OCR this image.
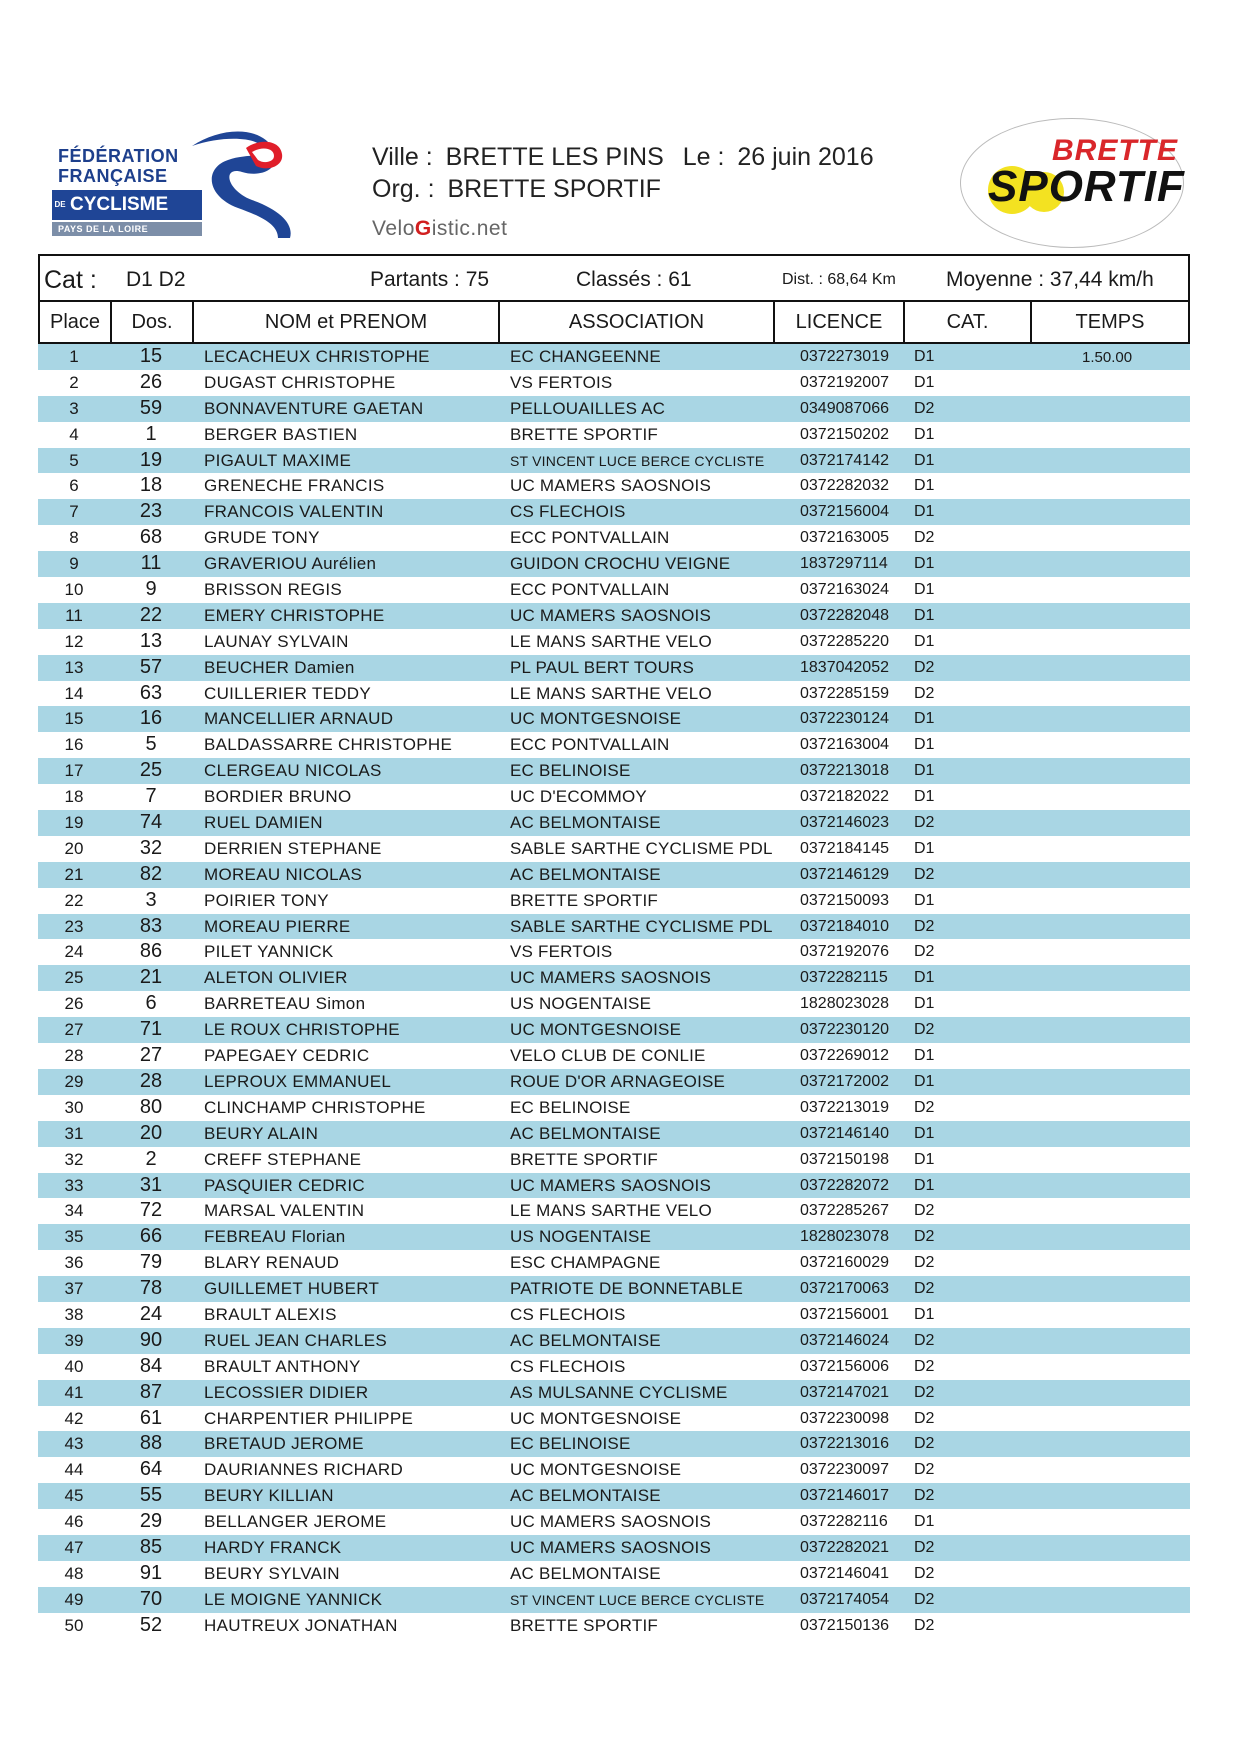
FÉDÉRATION
FRANÇAISE
DE CYCLISME
PAYS DE LA LOIRE
Ville : BRETTE LES PINS Le : 26 juin 2016
Org. : BRETTE SPORTIF
VeloGistic.net
BRETTE
SPORTIF
Cat : D1 D2	Partants : 75	Classés : 61	Dist. : 68,64 Km Moyenne : 37,44 km/h
Place	Dos.	NOM et PRENOM	ASSOCIATION	LICENCE	CAT.	TEMPS
1	15	LECACHEUX CHRISTOPHE	EC CHANGEENNE	0372273019 D1	1.50.00
2	26	DUGAST CHRISTOPHE	VS FERTOIS	0372192007 D1
3	59	BONNAVENTURE GAETAN	PELLOUAILLES AC	0349087066 D2
4	1	BERGER BASTIEN	BRETTE SPORTIF	0372150202 D1
5	19	PIGAULT MAXIME	ST VINCENT LUCE BERCE CYCLISTE 0372174142 D1
6	18	GRENECHE FRANCIS	UC MAMERS SAOSNOIS	0372282032 D1
7	23	FRANCOIS VALENTIN	CS FLECHOIS	0372156004 D1
8	68	GRUDE TONY	ECC PONTVALLAIN	0372163005 D2
9	11	GRAVERIOU Aurélien	GUIDON CROCHU VEIGNE	1837297114 D1
10	9	BRISSON REGIS	ECC PONTVALLAIN	0372163024 D1
11	22	EMERY CHRISTOPHE	UC MAMERS SAOSNOIS	0372282048 D1
12	13	LAUNAY SYLVAIN	LE MANS SARTHE VELO	0372285220 D1
13	57	BEUCHER Damien	PL PAUL BERT TOURS	1837042052 D2
14	63	CUILLERIER TEDDY	LE MANS SARTHE VELO	0372285159 D2
15	16	MANCELLIER ARNAUD	UC MONTGESNOISE	0372230124 D1
16	5	BALDASSARRE CHRISTOPHE	ECC PONTVALLAIN	0372163004 D1
17	25	CLERGEAU NICOLAS	EC BELINOISE	0372213018 D1
18	7	BORDIER BRUNO	UC D'ECOMMOY	0372182022 D1
19	74	RUEL DAMIEN	AC BELMONTAISE	0372146023 D2
20	32	DERRIEN STEPHANE	SABLE SARTHE CYCLISME PDL 0372184145 D1
21	82	MOREAU NICOLAS	AC BELMONTAISE	0372146129 D2
22	3	POIRIER TONY	BRETTE SPORTIF	0372150093 D1
23	83	MOREAU PIERRE	SABLE SARTHE CYCLISME PDL 0372184010 D2
24	86	PILET YANNICK	VS FERTOIS	0372192076 D2
25	21	ALETON OLIVIER	UC MAMERS SAOSNOIS	0372282115 D1
26	6	BARRETEAU Simon	US NOGENTAISE	1828023028 D1
27	71	LE ROUX CHRISTOPHE	UC MONTGESNOISE	0372230120 D2
28	27	PAPEGAEY CEDRIC	VELO CLUB DE CONLIE	0372269012 D1
29	28	LEPROUX EMMANUEL	ROUE D'OR ARNAGEOISE	0372172002 D1
30	80	CLINCHAMP CHRISTOPHE	EC BELINOISE	0372213019 D2
31	20	BEURY ALAIN	AC BELMONTAISE	0372146140 D1
32	2	CREFF STEPHANE	BRETTE SPORTIF	0372150198 D1
33	31	PASQUIER CEDRIC	UC MAMERS SAOSNOIS	0372282072 D1
34	72	MARSAL VALENTIN	LE MANS SARTHE VELO	0372285267 D2
35	66	FEBREAU Florian	US NOGENTAISE	1828023078 D2
36	79	BLARY RENAUD	ESC CHAMPAGNE	0372160029 D2
37	78	GUILLEMET HUBERT	PATRIOTE DE BONNETABLE	0372170063 D2
38	24	BRAULT ALEXIS	CS FLECHOIS	0372156001 D1
39	90	RUEL JEAN CHARLES	AC BELMONTAISE	0372146024 D2
40	84	BRAULT ANTHONY	CS FLECHOIS	0372156006 D2
41	87	LECOSSIER DIDIER	AS MULSANNE CYCLISME	0372147021 D2
42	61	CHARPENTIER PHILIPPE	UC MONTGESNOISE	0372230098 D2
43	88	BRETAUD JEROME	EC BELINOISE	0372213016 D2
44	64	DAURIANNES RICHARD	UC MONTGESNOISE	0372230097 D2
45	55	BEURY KILLIAN	AC BELMONTAISE	0372146017 D2
46	29	BELLANGER JEROME	UC MAMERS SAOSNOIS	0372282116 D1
47	85	HARDY FRANCK	UC MAMERS SAOSNOIS	0372282021 D2
48	91	BEURY SYLVAIN	AC BELMONTAISE	0372146041 D2
49	70	LE MOIGNE YANNICK	ST VINCENT LUCE BERCE CYCLISTE 0372174054 D2
50	52	HAUTREUX JONATHAN	BRETTE SPORTIF	0372150136 D2
